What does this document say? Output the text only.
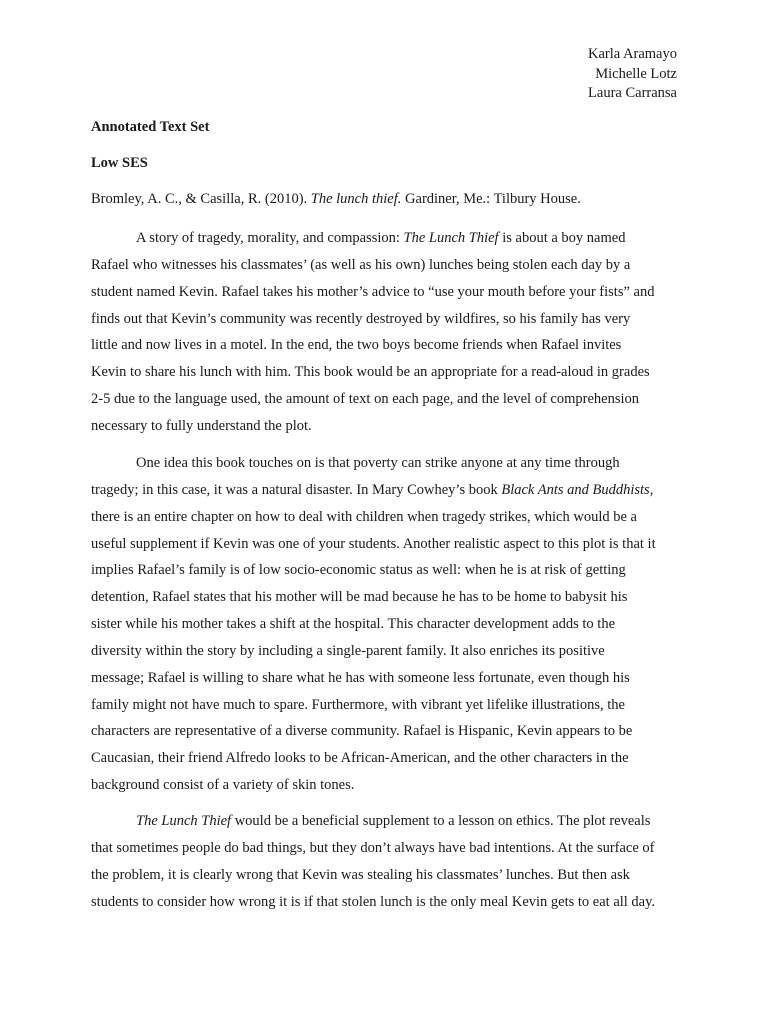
Karla Aramayo
Michelle Lotz
Laura Carransa
Annotated Text Set
Low SES
Bromley, A. C., & Casilla, R. (2010). The lunch thief. Gardiner, Me.: Tilbury House.
A story of tragedy, morality, and compassion: The Lunch Thief is about a boy named
Rafael who witnesses his classmates’ (as well as his own) lunches being stolen each day by a
student named Kevin. Rafael takes his mother’s advice to “use your mouth before your fists” and
finds out that Kevin’s community was recently destroyed by wildfires, so his family has very
little and now lives in a motel. In the end, the two boys become friends when Rafael invites
Kevin to share his lunch with him. This book would be an appropriate for a read-aloud in grades
2-5 due to the language used, the amount of text on each page, and the level of comprehension
necessary to fully understand the plot.
One idea this book touches on is that poverty can strike anyone at any time through
tragedy; in this case, it was a natural disaster. In Mary Cowhey’s book Black Ants and Buddhists,
there is an entire chapter on how to deal with children when tragedy strikes, which would be a
useful supplement if Kevin was one of your students. Another realistic aspect to this plot is that it
implies Rafael’s family is of low socio-economic status as well: when he is at risk of getting
detention, Rafael states that his mother will be mad because he has to be home to babysit his
sister while his mother takes a shift at the hospital. This character development adds to the
diversity within the story by including a single-parent family. It also enriches its positive
message; Rafael is willing to share what he has with someone less fortunate, even though his
family might not have much to spare. Furthermore, with vibrant yet lifelike illustrations, the
characters are representative of a diverse community. Rafael is Hispanic, Kevin appears to be
Caucasian, their friend Alfredo looks to be African-American, and the other characters in the
background consist of a variety of skin tones.
The Lunch Thief would be a beneficial supplement to a lesson on ethics. The plot reveals
that sometimes people do bad things, but they don’t always have bad intentions. At the surface of
the problem, it is clearly wrong that Kevin was stealing his classmates’ lunches. But then ask
students to consider how wrong it is if that stolen lunch is the only meal Kevin gets to eat all day.
